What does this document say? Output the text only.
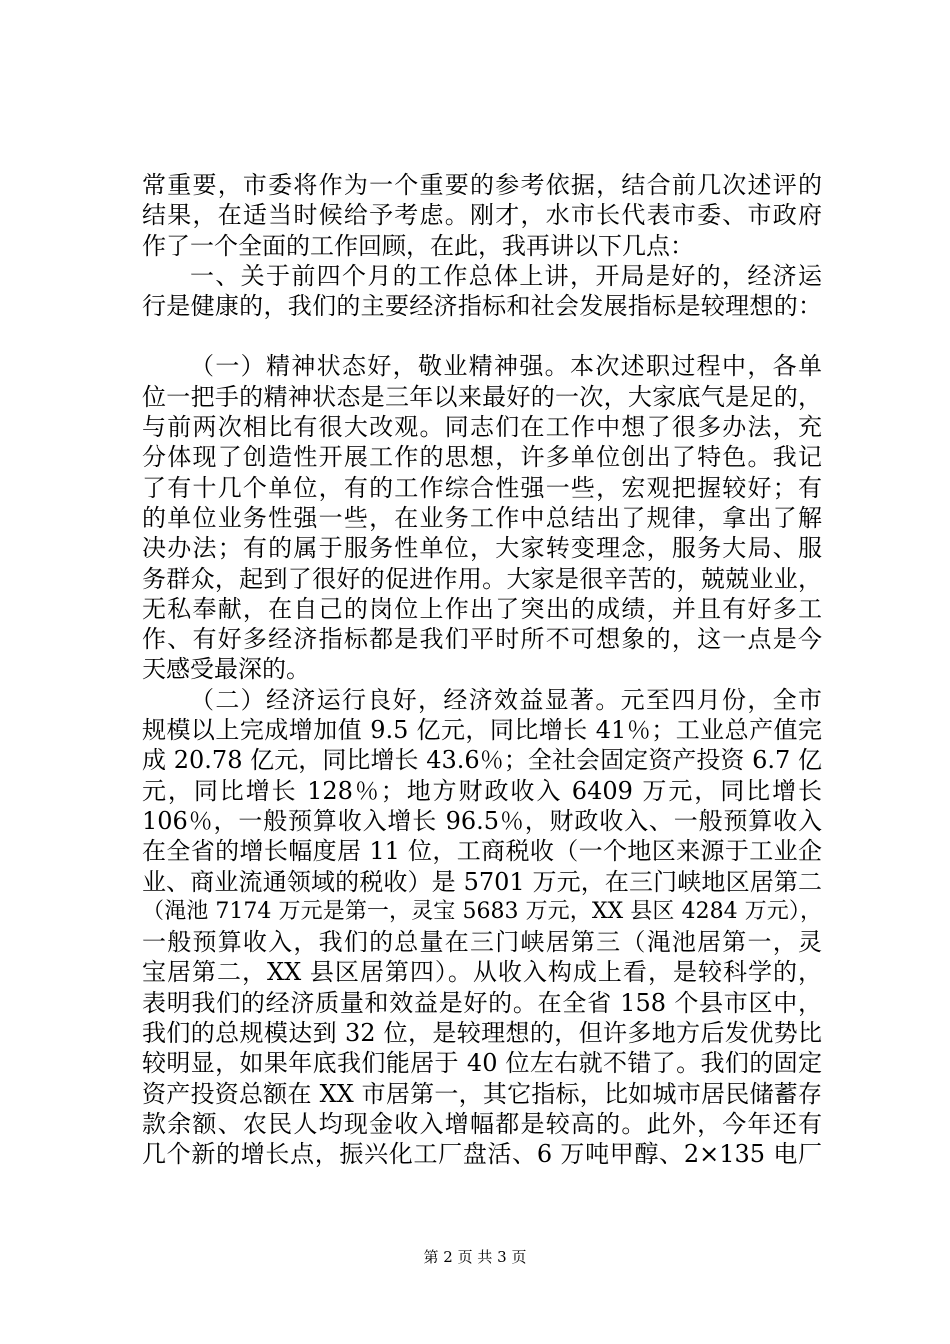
常重要，市委将作为一个重要的参考依据，结合前几次述评的
结果，在适当时候给予考虑。刚才，水市长代表市委、市政府
作了一个全面的工作回顾，在此，我再讲以下几点：
一、关于前四个月的工作总体上讲，开局是好的，经济运
行是健康的，我们的主要经济指标和社会发展指标是较理想的：
（一）精神状态好，敬业精神强。本次述职过程中，各单
位一把手的精神状态是三年以来最好的一次，大家底气是足的，
与前两次相比有很大改观。同志们在工作中想了很多办法，充
分体现了创造性开展工作的思想，许多单位创出了特色。我记
了有十几个单位，有的工作综合性强一些，宏观把握较好；有
的单位业务性强一些，在业务工作中总结出了规律，拿出了解
决办法；有的属于服务性单位，大家转变理念，服务大局、服
务群众，起到了很好的促进作用。大家是很辛苦的，兢兢业业，
无私奉献，在自己的岗位上作出了突出的成绩，并且有好多工
作、有好多经济指标都是我们平时所不可想象的，这一点是今
天感受最深的。
（二）经济运行良好，经济效益显著。元至四月份，全市
规模以上完成增加值 9.5 亿元，同比增长 41％；工业总产值完
成 20.78 亿元，同比增长 43.6％；全社会固定资产投资 6.7 亿
元，同比增长 128％；地方财政收入 6409 万元，同比增长
106％，一般预算收入增长 96.5％，财政收入、一般预算收入
在全省的增长幅度居 11 位，工商税收（一个地区来源于工业企
业、商业流通领域的税收）是 5701 万元，在三门峡地区居第二
（渑池 7174 万元是第一，灵宝 5683 万元，XX 县区 4284 万元），
一般预算收入，我们的总量在三门峡居第三（渑池居第一，灵
宝居第二，XX 县区居第四）。从收入构成上看，是较科学的，
表明我们的经济质量和效益是好的。在全省 158 个县市区中，
我们的总规模达到 32 位，是较理想的，但许多地方后发优势比
较明显，如果年底我们能居于 40 位左右就不错了。我们的固定
资产投资总额在 XX 市居第一，其它指标，比如城市居民储蓄存
款余额、农民人均现金收入增幅都是较高的。此外，今年还有
几个新的增长点，振兴化工厂盘活、6 万吨甲醇、2×135 电厂
第 2 页 共 3 页
